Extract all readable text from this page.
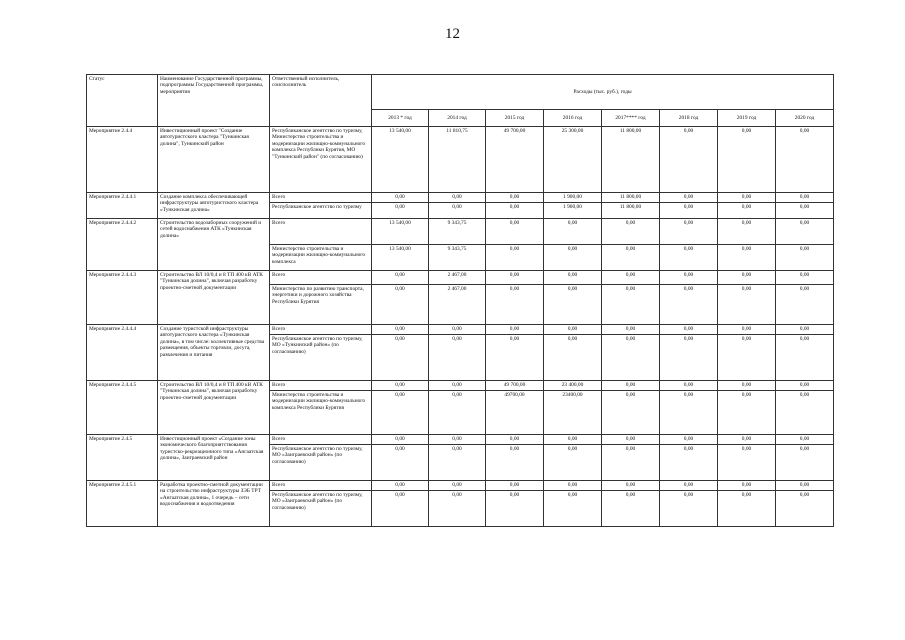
12
Статус	Наименование Государственной программы, подпрограммы Государственной программы, мероприятия	Ответственный исполнитель, соисполнитель	Расходы (тыс. руб.), годы							
			2013 * год	2014 год	2015 год	2016 год	2017**** год	2018 год	2019 год	2020 год
Мероприятие 2.4.4	Инвестиционный проект "Создание автотуристского кластера "Тункинская долина", Тункинский район	Республиканское агентство по туризму, Министерство строительства и модернизации жилищно-коммунального комплекса Республики Бурятия, МО "Тункинский район" (по согласованию)	13 540,00	11 810,75	49 700,00	25 300,00	11 800,00	0,00	0,00	0,00
Мероприятие 2.4.4.1	Создание комплекса обеспечивающей инфраструктуры автотуристского кластера «Тункинская долина»	Всего	0,00	0,00	0,00	1 900,00	11 800,00	0,00	0,00	0,00
		Республиканское агентство по туризму	0,00	0,00	0,00	1 900,00	11 800,00	0,00	0,00	0,00
Мероприятие 2.4.4.2	Строительство водозаборных сооружений и сетей водоснабжения АТК «Тункинская долина»	Всего	13 540,00	9 343,75	0,00	0,00	0,00	0,00	0,00	0,00
		Министерство строительства и модернизации жилищно-коммунального комплекса	13 540,00	9 343,75	0,00	0,00	0,00	0,00	0,00	0,00
Мероприятие 2.4.4.3	Строительство ВЛ 10/0,4 и 8 ТП 400 кВ АТК "Тункинская долина", включая разработку проектно-сметной документации	Всего	0,00	2 467,00	0,00	0,00	0,00	0,00	0,00	0,00
		Министерство по развитию транспорта, энергетики и дорожного хозяйства Республики Бурятия	0,00	2 467,00	0,00	0,00	0,00	0,00	0,00	0,00
Мероприятие 2.4.4.4	Создание туристской инфраструктуры автотуристского кластера «Тункинская долина», в том числе: коллективные средства размещения, объекты торговли, досуга, развлечения и питания	Всего	0,00	0,00	0,00	0,00	0,00	0,00	0,00	0,00
		Республиканское агентство по туризму, МО «Тункинский район» (по согласованию)	0,00	0,00	0,00	0,00	0,00	0,00	0,00	0,00
Мероприятие 2.4.4.5	Строительство ВЛ 10/0,4 и 8 ТП 400 кВ АТК "Тункинская долина", включая разработку проектно-сметной документации	Всего	0,00	0,00	49 700,00	23 400,00	0,00	0,00	0,00	0,00
		Министерство строительства и модернизации жилищно-коммунального комплекса Республики Бурятия	0,00	0,00	49700,00	23400,00	0,00	0,00	0,00	0,00
Мероприятие 2.4.5	Инвестиционный проект «Создание зоны экономического благоприятствования туристско-рекреационного типа «Ангаатская долина», Заиграевский район	Всего	0,00	0,00	0,00	0,00	0,00	0,00	0,00	0,00
		Республиканское агентство по туризму, МО «Заиграевский район» (по согласованию)	0,00	0,00	0,00	0,00	0,00	0,00	0,00	0,00
Мероприятие 2.4.5.1	Разработка проектно-сметной документации на строительство инфраструктуры ЗЭБ ТРТ «Ангаатская долина», 1 очередь – сети водоснабжения и водоотведения	Всего	0,00	0,00	0,00	0,00	0,00	0,00	0,00	0,00
		Республиканское агентство по туризму, МО «Заиграевский район» (по согласованию)	0,00	0,00	0,00	0,00	0,00	0,00	0,00	0,00
